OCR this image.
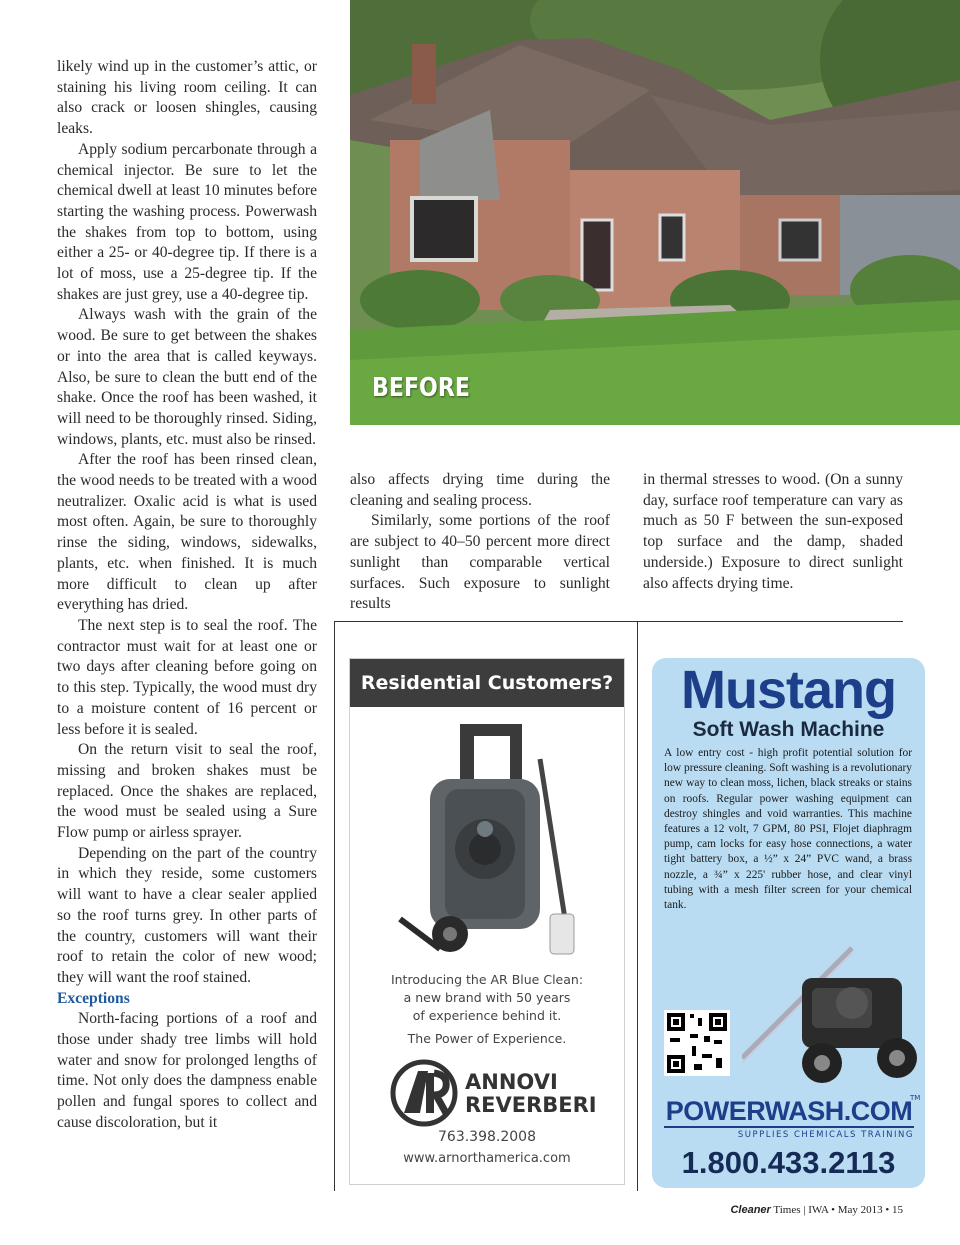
likely wind up in the customer’s attic, or staining his living room ceiling. It can also crack or loosen shingles, causing leaks.

Apply sodium percarbonate through a chemical injector. Be sure to let the chemical dwell at least 10 minutes before starting the washing process. Powerwash the shakes from top to bottom, using either a 25- or 40-degree tip. If there is a lot of moss, use a 25-degree tip. If the shakes are just grey, use a 40-degree tip.

Always wash with the grain of the wood. Be sure to get between the shakes or into the area that is called keyways. Also, be sure to clean the butt end of the shake. Once the roof has been washed, it will need to be thoroughly rinsed. Siding, windows, plants, etc. must also be rinsed.

After the roof has been rinsed clean, the wood needs to be treated with a wood neutralizer. Oxalic acid is what is used most often. Again, be sure to thoroughly rinse the siding, windows, sidewalks, plants, etc. when finished. It is much more difficult to clean up after everything has dried.

The next step is to seal the roof. The contractor must wait for at least one or two days after cleaning before going on to this step. Typically, the wood must dry to a moisture content of 16 percent or less before it is sealed.

On the return visit to seal the roof, missing and broken shakes must be replaced. Once the shakes are replaced, the wood must be sealed using a Sure Flow pump or airless sprayer.

Depending on the part of the country in which they reside, some customers will want to have a clear sealer applied so the roof turns grey. In other parts of the country, customers will want their roof to retain the color of new wood; they will want the roof stained.

Exceptions

North-facing portions of a roof and those under shady tree limbs will hold water and snow for prolonged lengths of time. Not only does the dampness enable pollen and fungal spores to collect and cause discoloration, but it

BEFORE

also affects drying time during the cleaning and sealing process.

Similarly, some portions of the roof are subject to 40–50 percent more direct sunlight than comparable vertical surfaces. Such exposure to sunlight results

in thermal stresses to wood. (On a sunny day, surface roof temperature can vary as much as 50 F between the sun-exposed top surface and the damp, shaded underside.) Exposure to direct sunlight also affects drying time.

Residential Customers?
Introducing the AR Blue Clean:
a new brand with 50 years
of experience behind it.
The Power of Experience.
ANNOVI
REVERBERI
763.398.2008
www.arnorthamerica.com
Mustang
Soft Wash Machine
A low entry cost - high profit potential solution for low pressure cleaning. Soft washing is a revolutionary new way to clean moss, lichen, black streaks or stains on roofs. Regular power washing equipment can destroy shingles and void warranties. This machine features a 12 volt, 7 GPM, 80 PSI, Flojet diaphragm pump, cam locks for easy hose connections, a water tight battery box, a ½” x 24” PVC wand, a brass nozzle, a ¾” x 225' rubber hose, and clear vinyl tubing with a mesh filter screen for your chemical tank.
POWERWASH.COM
TM
SUPPLIES CHEMICALS TRAINING
1.800.433.2113
Cleaner Times | IWA • May 2013 • 15
